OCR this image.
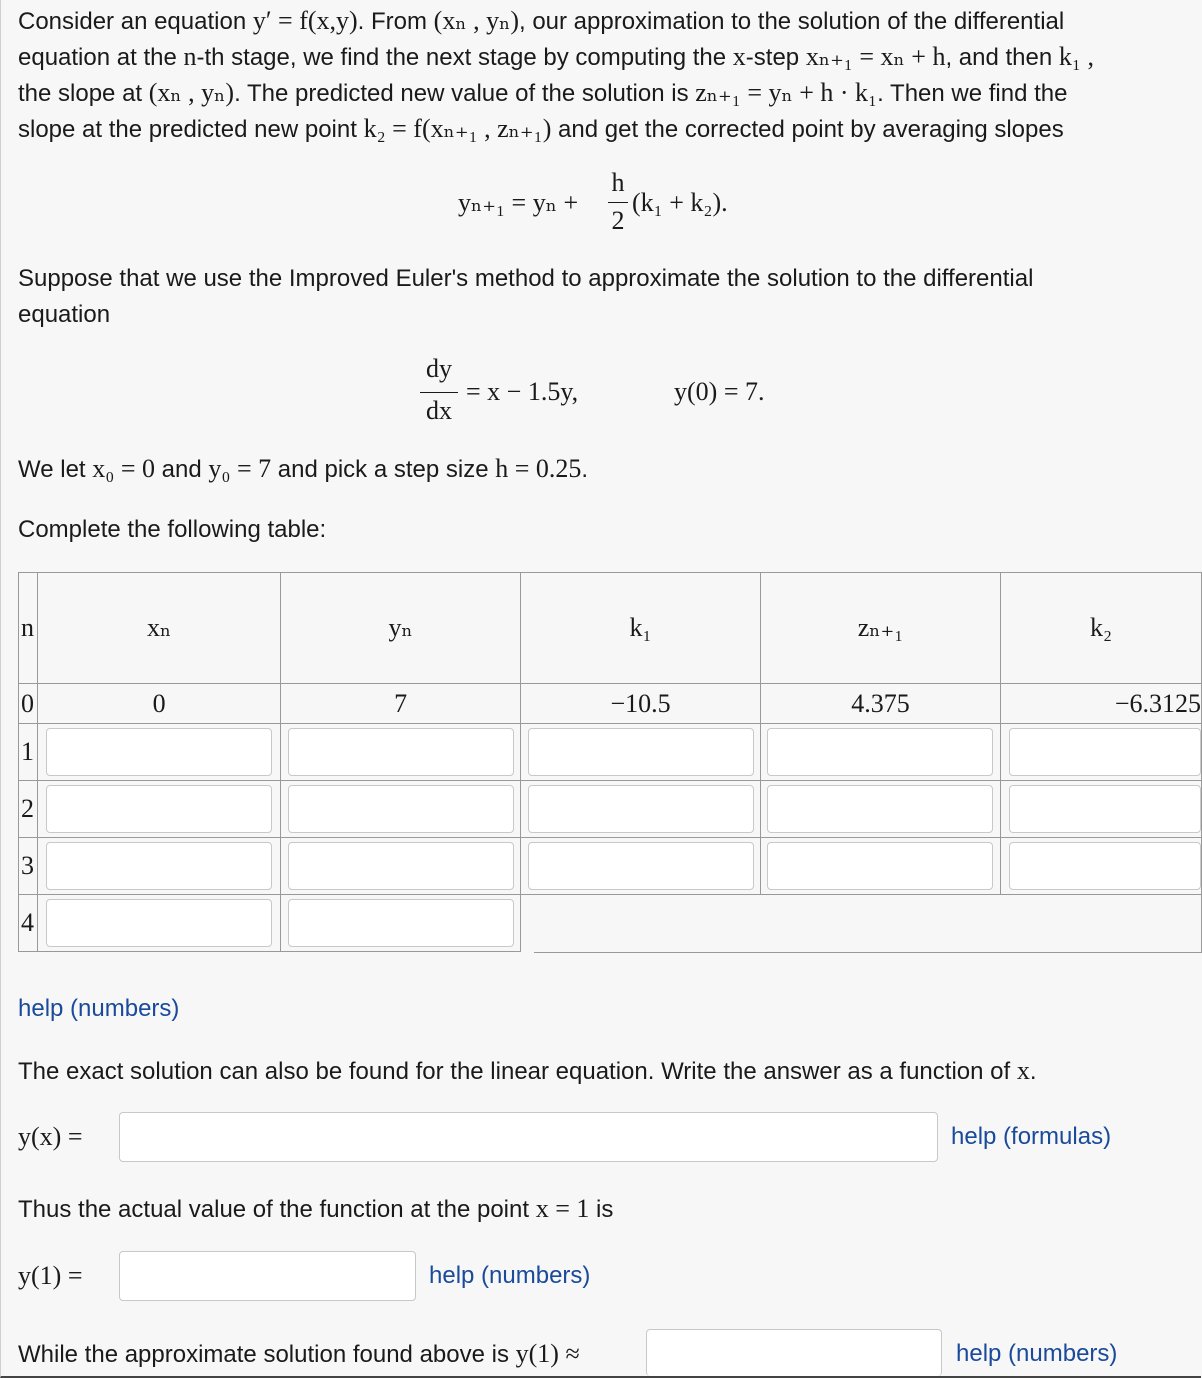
Consider an equation y′ = f(x,y). From (xₙ , yₙ), our approximation to the solution of the differential
equation at the n-th stage, we find the next stage by computing the x-step xₙ₊₁ = xₙ + h, and then k₁ ,
the slope at (xₙ , yₙ). The predicted new value of the solution is zₙ₊₁ = yₙ + h · k₁. Then we find the
slope at the predicted new point k₂ = f(xₙ₊₁ , zₙ₊₁) and get the corrected point by averaging slopes
yₙ₊₁ = yₙ +
h
2
(k₁ + k₂).
Suppose that we use the Improved Euler's method to approximate the solution to the differential
equation
dy
dx
= x − 1.5y,	y(0) = 7.
We let x₀ = 0 and y₀ = 7 and pick a step size h = 0.25.
Complete the following table:
n	xₙ	yₙ	k₁	zₙ₊₁	k₂
0	0	7	−10.5	4.375	−6.3125
1	

2	

3	

4	

help (numbers)
The exact solution can also be found for the linear equation. Write the answer as a function of x.
y(x) =	help (formulas)
Thus the actual value of the function at the point x = 1 is
y(1) =	help (numbers)
While the approximate solution found above is y(1) ≈	help (numbers)
